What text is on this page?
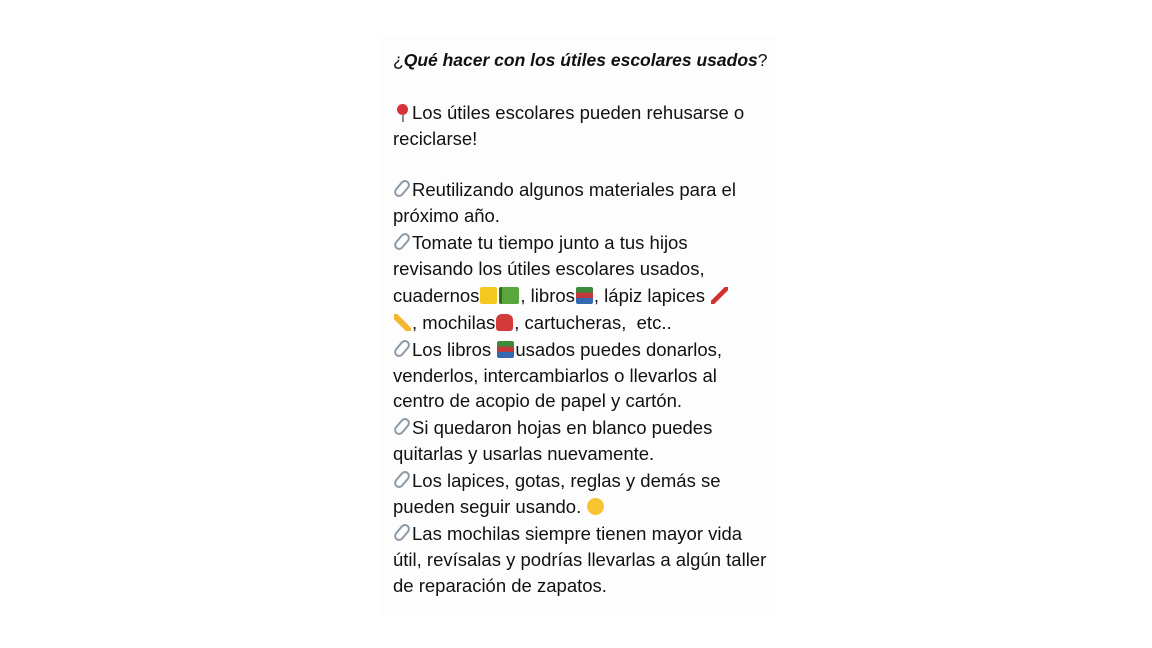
¿Qué hacer con los útiles escolares usados?
Los útiles escolares pueden rehusarse o
reciclarse!
Reutilizando algunos materiales para el
próximo año.
Tomate tu tiempo junto a tus hijos
revisando los útiles escolares usados,
cuadernos , libros , lápiz lapices
, mochilas , cartucheras,  etc..
Los libros usados puedes donarlos,
venderlos, intercambiarlos o llevarlos al
centro de acopio de papel y cartón.
Si quedaron hojas en blanco puedes
quitarlas y usarlas nuevamente.
Los lapices, gotas, reglas y demás se
pueden seguir usando.
Las mochilas siempre tienen mayor vida
útil, revísalas y podrías llevarlas a algún taller
de reparación de zapatos.
